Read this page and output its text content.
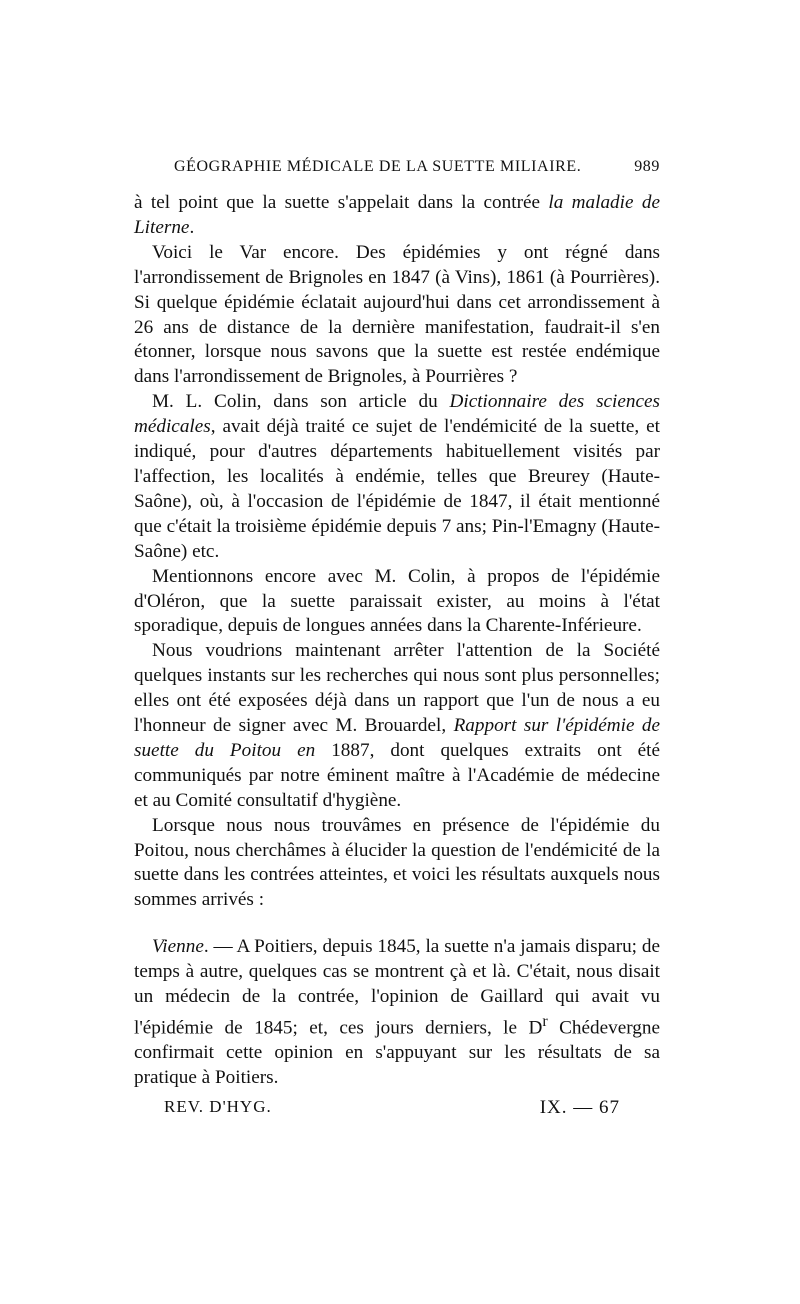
GÉOGRAPHIE MÉDICALE DE LA SUETTE MILIAIRE.	989

à tel point que la suette s'appelait dans la contrée la maladie de Literne.

Voici le Var encore. Des épidémies y ont régné dans l'arrondissement de Brignoles en 1847 (à Vins), 1861 (à Pourrières). Si quelque épidémie éclatait aujourd'hui dans cet arrondissement à 26 ans de distance de la dernière manifestation, faudrait-il s'en étonner, lorsque nous savons que la suette est restée endémique dans l'arrondissement de Brignoles, à Pourrières ?

M. L. Colin, dans son article du Dictionnaire des sciences médicales, avait déjà traité ce sujet de l'endémicité de la suette, et indiqué, pour d'autres départements habituellement visités par l'affection, les localités à endémie, telles que Breurey (Haute-Saône), où, à l'occasion de l'épidémie de 1847, il était mentionné que c'était la troisième épidémie depuis 7 ans; Pin-l'Emagny (Haute-Saône) etc.

Mentionnons encore avec M. Colin, à propos de l'épidémie d'Oléron, que la suette paraissait exister, au moins à l'état sporadique, depuis de longues années dans la Charente-Inférieure.

Nous voudrions maintenant arrêter l'attention de la Société quelques instants sur les recherches qui nous sont plus personnelles; elles ont été exposées déjà dans un rapport que l'un de nous a eu l'honneur de signer avec M. Brouardel, Rapport sur l'épidémie de suette du Poitou en 1887, dont quelques extraits ont été communiqués par notre éminent maître à l'Académie de médecine et au Comité consultatif d'hygiène.

Lorsque nous nous trouvâmes en présence de l'épidémie du Poitou, nous cherchâmes à élucider la question de l'endémicité de la suette dans les contrées atteintes, et voici les résultats auxquels nous sommes arrivés :

Vienne. — A Poitiers, depuis 1845, la suette n'a jamais disparu; de temps à autre, quelques cas se montrent çà et là. C'était, nous disait un médecin de la contrée, l'opinion de Gaillard qui avait vu l'épidémie de 1845; et, ces jours derniers, le $D^r$ Chédevergne confirmait cette opinion en s'appuyant sur les résultats de sa pratique à Poitiers.

REV. D'HYG.	IX. — 67
